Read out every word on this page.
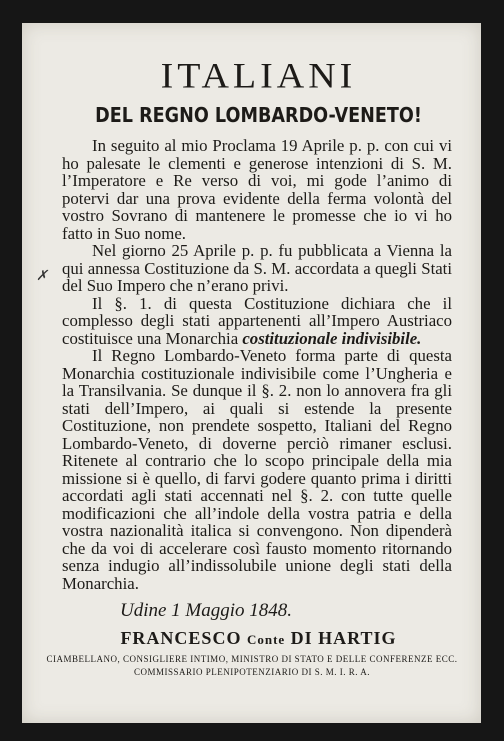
ITALIANI
DEL REGNO LOMBARDO-VENETO!

In seguito al mio Proclama 19 Aprile p. p. con cui vi ho palesate le clementi e generose intenzioni di S. M. l’Imperatore e Re verso di voi, mi gode l’animo di potervi dar una prova evidente della ferma volontà del vostro Sovrano di mantenere le promesse che io vi ho fatto in Suo nome.

Nel giorno 25 Aprile p. p. fu pubblicata a Vienna la qui annessa Costituzione da S. M. accordata a quegli Stati del Suo Impero che n’erano privi.

Il §. 1. di questa Costituzione dichiara che il complesso degli stati appartenenti all’Impero Austriaco costituisce una Monarchia costituzionale indivisibile.

Il Regno Lombardo-Veneto forma parte di questa Monarchia costituzionale indivisibile come l’Ungheria e la Transilvania. Se dunque il §. 2. non lo annovera fra gli stati dell’Impero, ai quali si estende la presente Costituzione, non prendete sospetto, Italiani del Regno Lombardo-Veneto, di doverne perciò rimaner esclusi. Ritenete al contrario che lo scopo principale della mia missione si è quello, di farvi godere quanto prima i diritti accordati agli stati accennati nel §. 2. con tutte quelle modificazioni che all’indole della vostra patria e della vostra nazionalità italica si convengono. Non dipenderà che da voi di accelerare così fausto momento ritornando senza indugio all’indissolubile unione degli stati della Monarchia.

Udine 1 Maggio 1848.
FRANCESCO Conte DI HARTIG
CIAMBELLANO, CONSIGLIERE INTIMO, MINISTRO DI STATO E DELLE CONFERENZE ECC.
COMMISSARIO PLENIPOTENZIARIO DI S. M. I. R. A.
✗
